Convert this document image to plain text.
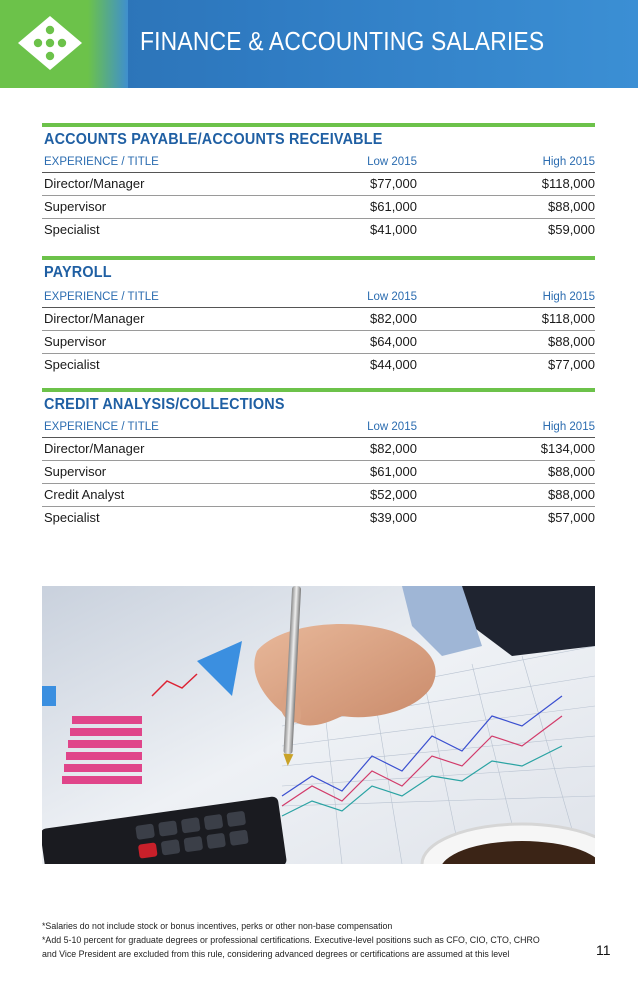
FINANCE & ACCOUNTING SALARIES
ACCOUNTS PAYABLE/ACCOUNTS RECEIVABLE
EXPERIENCE / TITLE	Low 2015	High 2015
Director/Manager	$77,000	$118,000
Supervisor	$61,000	$88,000
Specialist	$41,000	$59,000
PAYROLL
EXPERIENCE / TITLE	Low 2015	High 2015
Director/Manager	$82,000	$118,000
Supervisor	$64,000	$88,000
Specialist	$44,000	$77,000
CREDIT ANALYSIS/COLLECTIONS
EXPERIENCE / TITLE	Low 2015	High 2015
Director/Manager	$82,000	$134,000
Supervisor	$61,000	$88,000
Credit Analyst	$52,000	$88,000
Specialist	$39,000	$57,000
*Salaries do not include stock or bonus incentives, perks or other non-base compensation
*Add 5-10 percent for graduate degrees or professional certifications. Executive-level positions such as CFO, CIO, CTO, CHRO
and Vice President are excluded from this rule, considering advanced degrees or certifications are assumed at this level	11
